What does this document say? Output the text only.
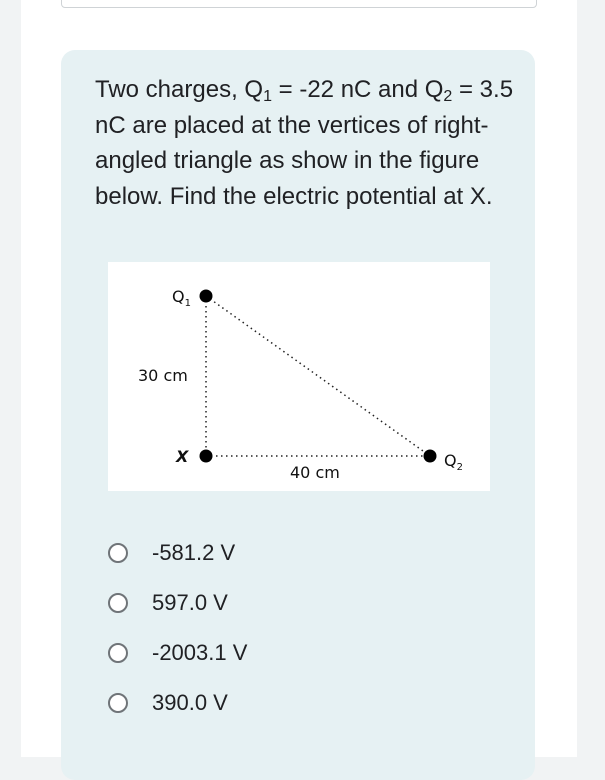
Two charges, $Q_1 = -22$ nC and $Q_2 = 3.5$ nC are placed at the vertices of right-angled triangle as show in the figure below. Find the electric potential at X.

$Q_1$
$Q_2$
X
30 cm
40 cm
-581.2 V
597.0 V
-2003.1 V
390.0 V
